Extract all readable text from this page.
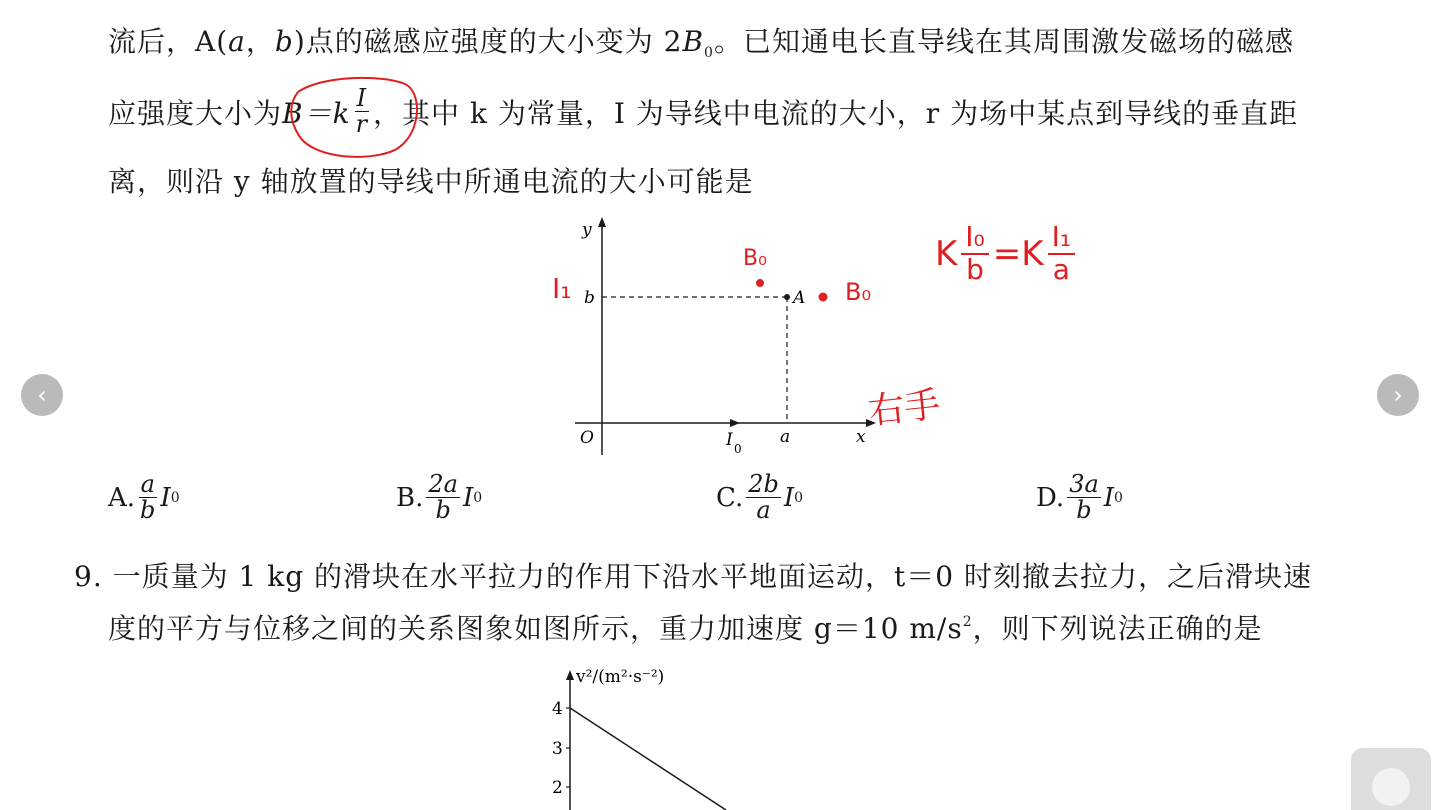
流后，A(a，b)点的磁感应强度的大小变为 $2B_0$。已知通电长直导线在其周围激发磁场的磁感
应强度大小为 $B=k \frac{I}{r}$ ，其中 k 为常量，I 为导线中电流的大小，r 为场中某点到导线的垂直距
离，则沿 y 轴放置的导线中所通电流的大小可能是
A
y
x
O
b
a
I 0
I₁
B₀
B₀
右手
K $\frac{\text{I₀}}{b} =K \frac{\text{I₁}}{a}$
A. $\frac{a}{b}$ I 0	B. $\frac{2a}{b}$ I 0	C. $\frac{2b}{a}$ I 0	D. $\frac{3a}{b}$ I 0
9. 一质量为 1 kg 的滑块在水平拉力的作用下沿水平地面运动，t＝0 时刻撤去拉力，之后滑块速
度的平方与位移之间的关系图象如图所示，重力加速度 g＝10 $m/s^2$，则下列说法正确的是
v²/(m²·s⁻²)
4
3
2
‹	›
